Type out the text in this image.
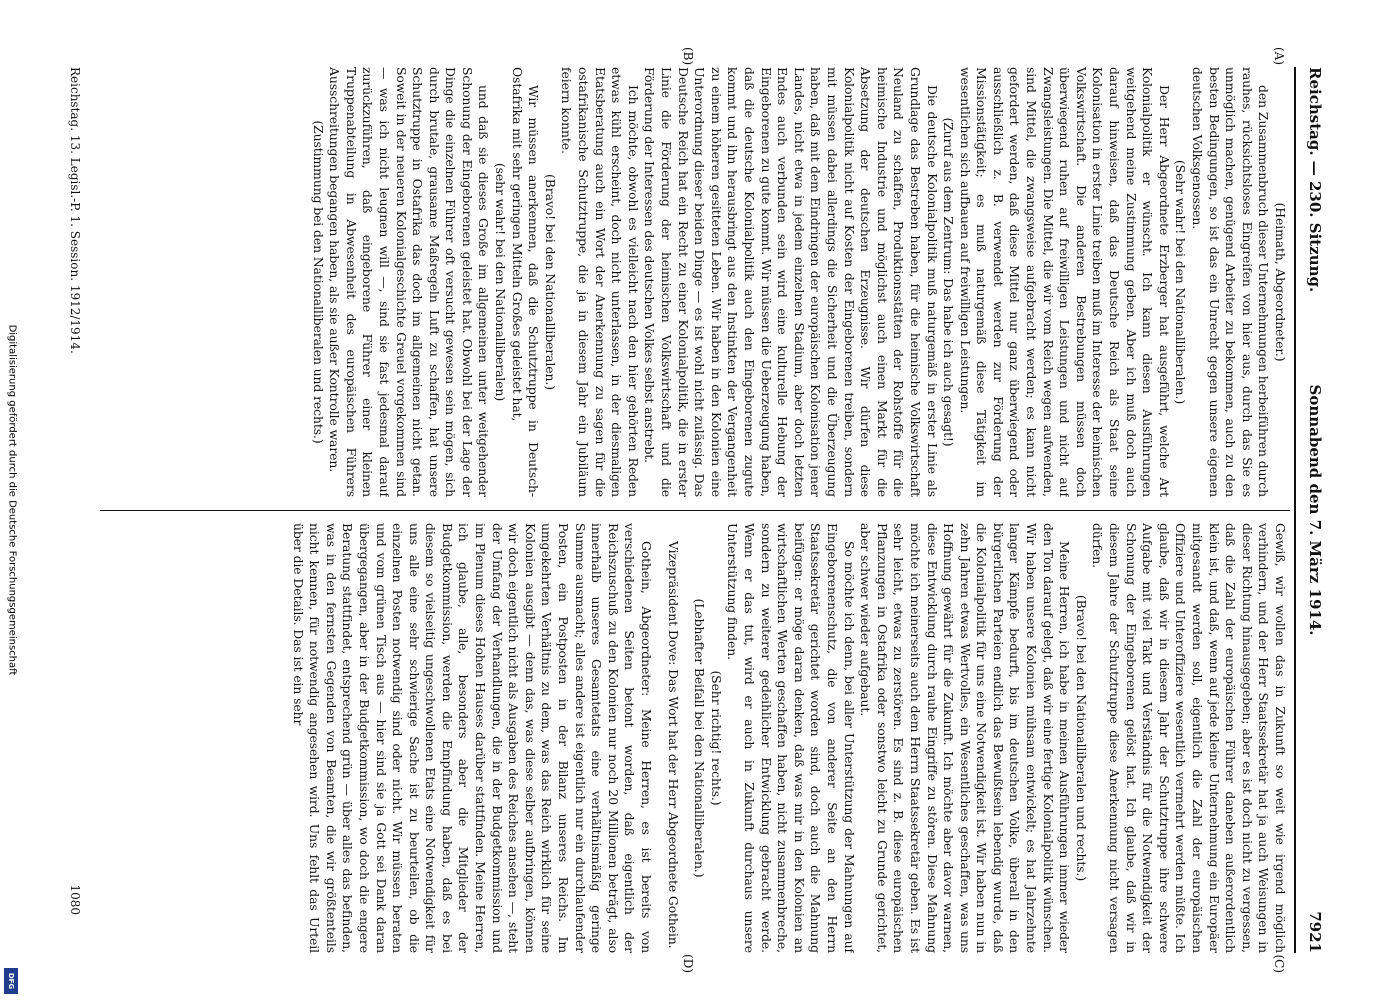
Digitalisierung gefördert durch die Deutsche Forschungsgemeinschaft
DFG
Reichstag. — 230. Sitzung.
Sonnabend den 7. März 1914.
7921
(A)
(B)
(C)
(D)

(Heimath, Abgeordneter.)

den Zusammenbruch dieser Unternehmungen herbeiführen durch rauhes, rücksichtsloses Eingreifen von hier aus, durch das Sie es unmöglich machen, genügend Arbeiter zu bekommen, auch zu den besten Bedingungen, so ist das ein Unrecht gegen unsere eigenen deutschen Volksgenossen.

(Sehr wahr! bei den Nationalliberalen.)

Der Herr Abgeordnete Erzberger hat ausgeführt, welche Art Kolonialpolitik er wünscht. Ich kann diesen Ausführungen weitgehend meine Zustimmung geben. Aber ich muß doch auch darauf hinweisen, daß das Deutsche Reich als Staat seine Kolonisation in erster Linie treiben muß im Interesse der heimischen Volkswirtschaft. Die anderen Bestrebungen müssen doch überwiegend ruhen auf freiwilligen Leistungen und nicht auf Zwangsleistungen. Die Mittel, die wir vom Reich wegen aufwenden, sind Mittel, die zwangsweise aufgebracht werden; es kann nicht gefordert werden, daß diese Mittel nur ganz überwiegend oder ausschließlich z. B. verwendet werden zur Förderung der Missionstätigkeit; es muß naturgemäß diese Tätigkeit im wesentlichen sich aufbauen auf freiwilligen Leistungen.

(Zuruf aus dem Zentrum: Das habe ich auch gesagt!)

Die deutsche Kolonialpolitik muß naturgemäß in erster Linie als Grundlage das Bestreben haben, für die heimische Volkswirtschaft Neuland zu schaffen, Produktionsstätten der Rohstoffe für die heimische Industrie und möglichst auch einen Markt für die Absetzung der deutschen Erzeugnisse. Wir dürfen diese Kolonialpolitik nicht auf Kosten der Eingeborenen treiben, sondern mit müssen dabei allerdings die Sicherheit und die Überzeugung haben, daß mit dem Eindringen der europäischen Kolonisation jener Landes, nicht etwa in jedem einzelnen Stadium, aber doch letzten Endes auch verbunden sein wird eine kulturelle Hebung der Eingeborenen zu gute kommt. Wir müssen die Ueberzeugung haben, daß die deutsche Kolonialpolitik auch den Eingeborenen zugute kommt und ihn herausbringt aus den Instinkten der Vergangenheit zu einem höheren gesitteten Leben. Wir haben in den Kolonien eine Unterordnung dieser beiden Dinge — es ist wohl nicht zulässig. Das Deutsche Reich hat ein Recht zu einer Kolonialpolitik, die in erster Linie die Förderung der heimischen Volkswirtschaft und die Förderung der Interessen des deutschen Volkes selbst anstrebt.

Ich möchte, obwohl es vielleicht nach den hier gehörten Reden etwas kühl erscheint, doch nicht unterlassen, in der diesmaligen Etatsberatung auch ein Wort der Anerkennung zu sagen für die ostafrikanische Schutztruppe, die ja in diesem Jahr ein Jubiläum feiern konnte.

(Bravo! bei den Nationalliberalen.)

Wir müssen anerkennen, daß die Schutztruppe in Deutsch-Ostafrika mit sehr geringen Mitteln Großes geleistet hat,

(sehr wahr! bei den Nationalliberalen)

und daß sie dieses Große im allgemeinen unter weitgehender Schonung der Eingeborenen geleistet hat. Obwohl bei der Lage der Dinge die einzelnen Führer oft versucht gewesen sein mögen, sich durch brutale, grausame Maßregeln Luft zu schaffen, hat unsere Schutztruppe in Ostafrika das doch im allgemeinen nicht getan. Soweit in der neueren Kolonialgeschichte Greuel vorgekommen sind — was ich nicht leugnen will —, sind sie fast jedesmal darauf zurückzuführen, daß eingeborene Führer einer kleinen Truppenabteilung in Abwesenheit des europäischen Führers Ausschreitungen begangen haben, als sie außer Kontrolle waren.

(Zustimmung bei den Nationalliberalen und rechts.)

Gewiß, wir wollen das in Zukunft so weit wie irgend möglich verhindern, und der Herr Staatssekretär hat ja auch Weisungen in dieser Richtung hinausgegeben; aber es ist doch nicht zu vergessen, daß die Zahl der europäischen Führer daneben außerordentlich klein ist, und daß, wenn auf jede kleine Unternehmung ein Europäer mitgesandt werden soll, eigentlich die Zahl der europäischen Offiziere und Unteroffiziere wesentlich vermehrt werden müßte. Ich glaube, daß wir in diesem Jahr der Schutztruppe ihre schwere Aufgabe mit viel Takt und Verständnis für die Notwendigkeit der Schonung der Eingeborenen gelöst hat. Ich glaube, daß wir in diesem Jahre der Schutztruppe diese Anerkennung nicht versagen dürfen.

(Bravo! bei den Nationalliberalen und rechts.)

Meine Herren, ich habe in meinen Ausführungen immer wieder den Ton darauf gelegt, daß wir eine fertige Kolonialpolitik wünschen. Wir haben unsere Kolonien mühsam entwickelt; es hat Jahrzehnte langer Kämpfe bedurft, bis im deutschen Volke, überall in den bürgerlichen Parteien endlich das Bewußtsein lebendig wurde, daß die Kolonialpolitik für uns eine Notwendigkeit ist. Wir haben nun in zehn Jahren etwas Wertvolles, ein Wesentliches geschaffen, was uns Hoffnung gewährt für die Zukunft. Ich möchte aber davor warnen, diese Entwicklung durch rauhe Eingriffe zu stören. Diese Mahnung möchte ich meinerseits auch dem Herrn Staatssekretär geben. Es ist sehr leicht, etwas zu zerstören. Es sind z. B. diese europäischen Pflanzungen in Ostafrika oder sonstwo leicht zu Grunde gerichtet, aber schwer wieder aufgebaut.

So möchte ich denn, bei aller Unterstützung der Mahnungen auf Eingeborenenschutz, die von anderer Seite an den Herrn Staatssekretär gerichtet worden sind, doch auch die Mahnung beifügen: er möge daran denken, daß was mir in den Kolonien an wirtschaftlichen Werten geschaffen haben, nicht zusammenbreche, sondern zu weiterer gedeihlicher Entwicklung gebracht werde. Wenn er das tut, wird er auch in Zukunft durchaus unsere Unterstützung finden.

(Sehr richtig! rechts.)

(Lebhafter Beifall bei den Nationalliberalen.)

Vizepräsident Dove: Das Wort hat der Herr Abgeordnete Gothein.

Gothein, Abgeordneter: Meine Herren, es ist bereits von verschiedenen Seiten betont worden, daß eigentlich der Reichszuschuß zu den Kolonien nur noch 20 Millionen beträgt, also innerhalb unseres Gesamtetats eine verhältnismäßig geringe Summe ausmacht; alles andere ist eigentlich nur ein durchlaufender Posten, ein Postposten in der Bilanz unseres Reichs. Im umgekehrten Verhältnis zu dem, was das Reich wirklich für seine Kolonien ausgibt — denn das, was diese selber aufbringen, können wir doch eigentlich nicht als Ausgaben des Reiches ansehen —, steht der Umfang der Verhandlungen, die in der Budgetkommission und im Plenum dieses Hohen Hauses darüber stattfinden. Meine Herren, ich glaube, alle, besonders aber die Mitglieder der Budgetkommission, werden die Empfindung haben, daß es bei diesem so vielseitig ungeschwollenen Etats eine Notwendigkeit für uns alle eine sehr schwierige Sache ist zu beurteilen, ob die einzelnen Posten notwendig sind oder nicht. Wir müssen beraten und vom grünen Tisch aus — hier sind sie ja Gott sei Dank daran übergegangen, aber in der Budgetkommission, wo doch die engere Beratung stattfindet, entsprechend grün — über alles das befinden, was in den fernsten Gegenden von Beamten, die wir größtenteils nicht kennen, für notwendig angesehen wird. Uns fehlt das Urteil über die Details. Das ist ein sehr

Reichstag. 13. Legisl.-P. 1. Session. 1912/1914.
1080
